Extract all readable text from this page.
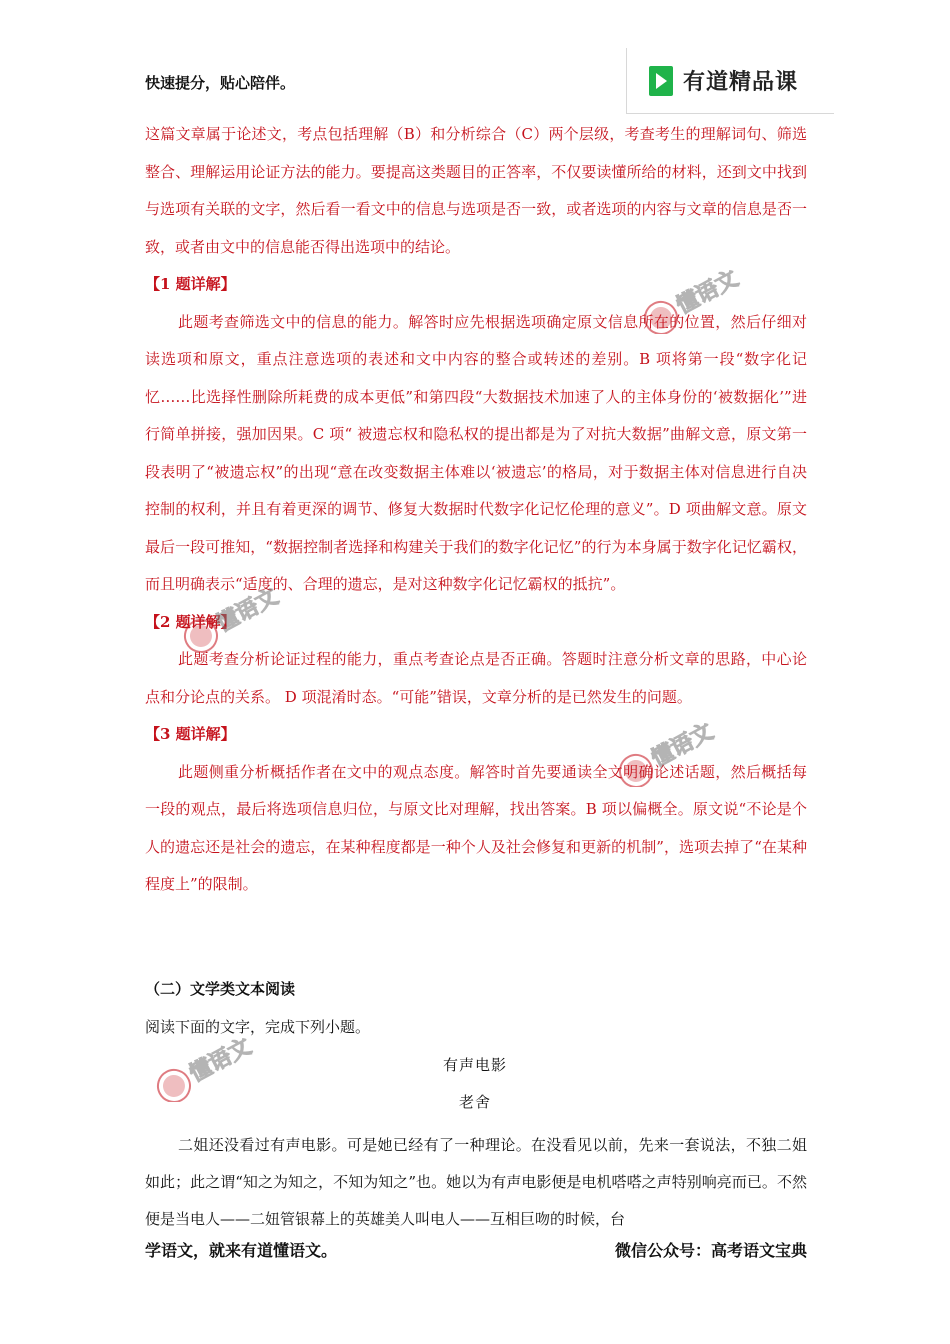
快速提分，贴心陪伴。	有道精品课

这篇文章属于论述文，考点包括理解（B）和分析综合（C）两个层级，考查考生的理解词句、筛选整合、理解运用论证方法的能力。要提高这类题目的正答率，不仅要读懂所给的材料，还到文中找到与选项有关联的文字，然后看一看文中的信息与选项是否一致，或者选项的内容与文章的信息是否一致，或者由文中的信息能否得出选项中的结论。

【1 题详解】

此题考查筛选文中的信息的能力。解答时应先根据选项确定原文信息所在的位置，然后仔细对读选项和原文，重点注意选项的表述和文中内容的整合或转述的差别。B 项将第一段“数字化记忆……比选择性删除所耗费的成本更低”和第四段“大数据技术加速了人的主体身份的‘被数据化’”进行简单拼接，强加因果。C 项“ 被遗忘权和隐私权的提出都是为了对抗大数据”曲解文意，原文第一段表明了“被遗忘权”的出现“意在改变数据主体难以‘被遗忘’的格局，对于数据主体对信息进行自决控制的权利，并且有着更深的调节、修复大数据时代数字化记忆伦理的意义”。D 项曲解文意。原文最后一段可推知，“数据控制者选择和构建关于我们的数字化记忆”的行为本身属于数字化记忆霸权，而且明确表示“适度的、合理的遗忘，是对这种数字化记忆霸权的抵抗”。

【2 题详解】

此题考查分析论证过程的能力，重点考查论点是否正确。答题时注意分析文章的思路，中心论点和分论点的关系。 D 项混淆时态。“可能”错误，文章分析的是已然发生的问题。

【3 题详解】

此题侧重分析概括作者在文中的观点态度。解答时首先要通读全文明确论述话题，然后概括每一段的观点，最后将选项信息归位，与原文比对理解，找出答案。B 项以偏概全。原文说“不论是个人的遗忘还是社会的遗忘，在某种程度都是一种个人及社会修复和更新的机制”，选项去掉了“在某种程度上”的限制。

（二）文学类文本阅读
阅读下面的文字，完成下列小题。
有声电影
老舍

二姐还没看过有声电影。可是她已经有了一种理论。在没看见以前，先来一套说法，不独二姐如此；此之谓“知之为知之，不知为知之”也。她以为有声电影便是电机嗒嗒之声特别响亮而已。不然便是当电人——二妞管银幕上的英雄美人叫电人——互相巨吻的时候，台

学语文，就来有道懂语文。	微信公众号：高考语文宝典
懂语文
懂语文
懂语文
懂语文
